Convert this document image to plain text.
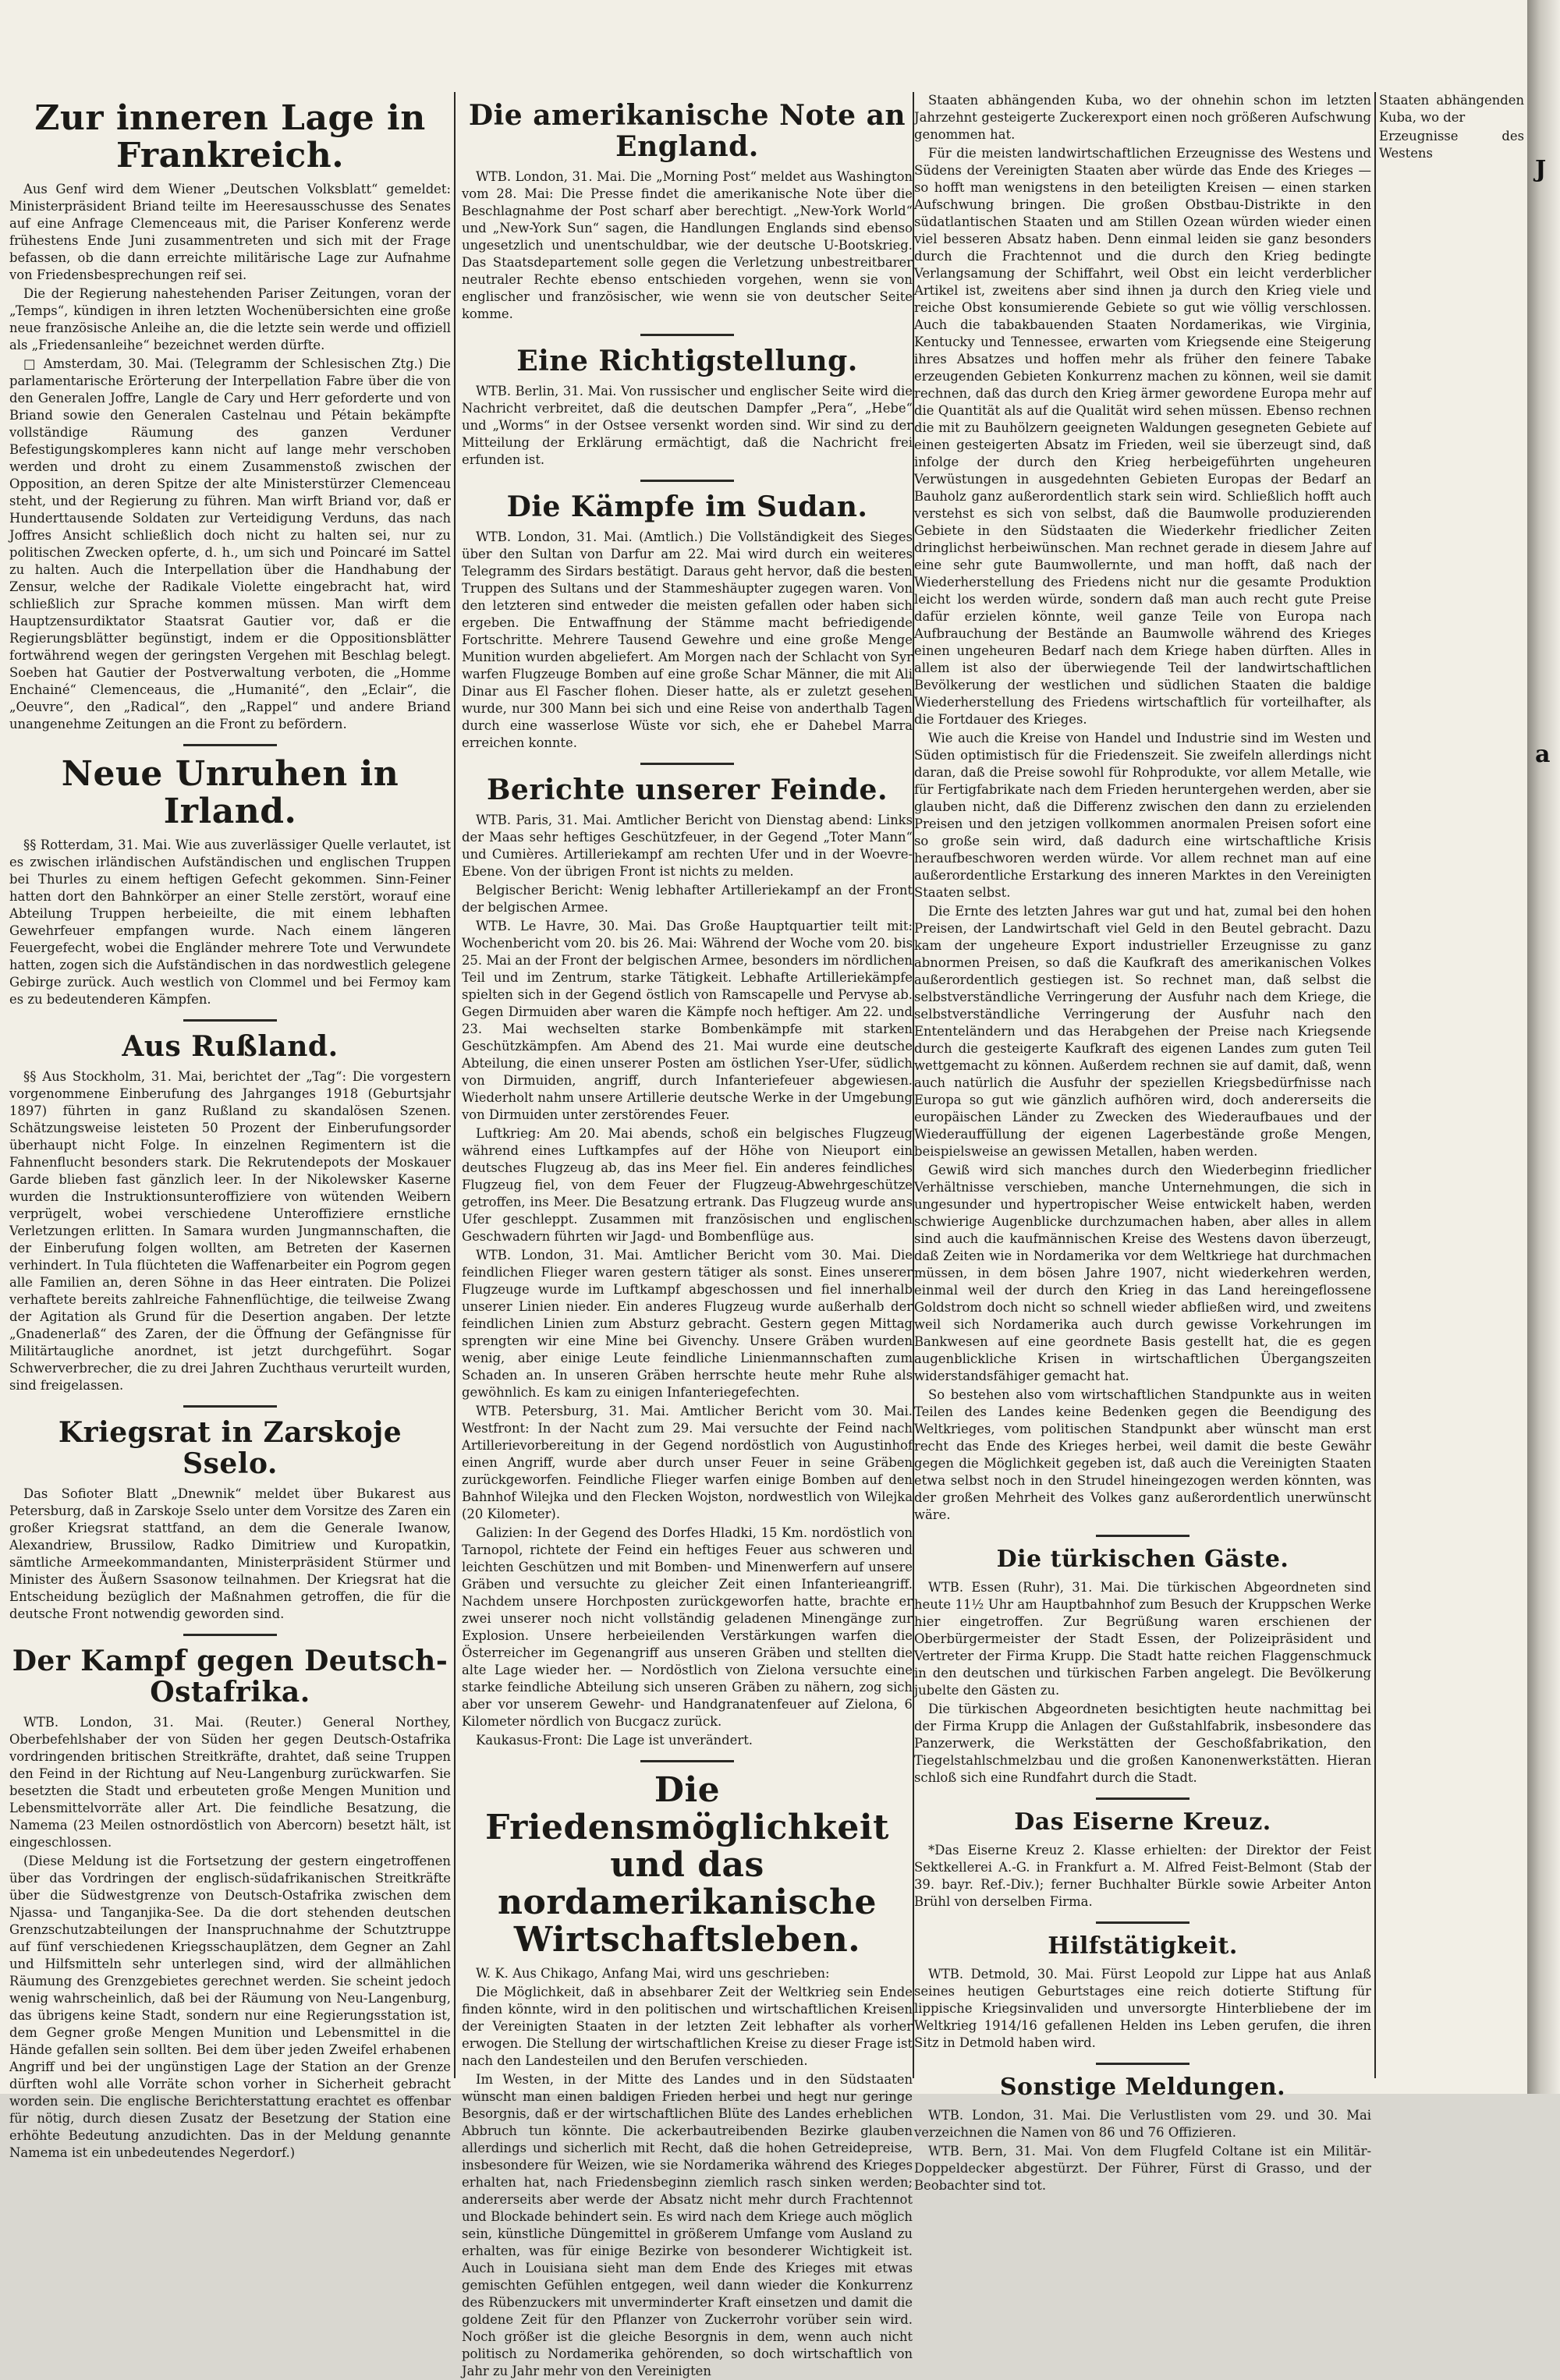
Zur inneren Lage in Frankreich.

Aus Genf wird dem Wiener „Deutschen Volksblatt“ gemeldet: Ministerpräsident Briand teilte im Heeresausschusse des Senates auf eine Anfrage Clemenceaus mit, die Pariser Konferenz werde frühestens Ende Juni zusammentreten und sich mit der Frage befassen, ob die dann erreichte militärische Lage zur Aufnahme von Friedensbesprechungen reif sei.

Die der Regierung nahestehenden Pariser Zeitungen, voran der „Temps“, kündigen in ihren letzten Wochenübersichten eine große neue französische Anleihe an, die die letzte sein werde und offiziell als „Friedensanleihe“ bezeichnet werden dürfte.

□ Amsterdam, 30. Mai. (Telegramm der Schlesischen Ztg.) Die parlamentarische Erörterung der Interpellation Fabre über die von den Generalen Joffre, Langle de Cary und Herr geforderte und von Briand sowie den Generalen Castelnau und Pétain bekämpfte vollständige Räumung des ganzen Verduner Befestigungskompleres kann nicht auf lange mehr verschoben werden und droht zu einem Zusammenstoß zwischen der Opposition, an deren Spitze der alte Ministerstürzer Clemenceau steht, und der Regierung zu führen. Man wirft Briand vor, daß er Hunderttausende Soldaten zur Verteidigung Verduns, das nach Joffres Ansicht schließlich doch nicht zu halten sei, nur zu politischen Zwecken opferte, d. h., um sich und Poincaré im Sattel zu halten. Auch die Interpellation über die Handhabung der Zensur, welche der Radikale Violette eingebracht hat, wird schließlich zur Sprache kommen müssen. Man wirft dem Hauptzensurdiktator Staatsrat Gautier vor, daß er die Regierungsblätter begünstigt, indem er die Oppositionsblätter fortwährend wegen der geringsten Vergehen mit Beschlag belegt. Soeben hat Gautier der Postverwaltung verboten, die „Homme Enchainé“ Clemenceaus, die „Humanité“, den „Eclair“, die „Oeuvre“, den „Radical“, den „Rappel“ und andere Briand unangenehme Zeitungen an die Front zu befördern.

Neue Unruhen in Irland.

§§ Rotterdam, 31. Mai. Wie aus zuverlässiger Quelle verlautet, ist es zwischen irländischen Aufständischen und englischen Truppen bei Thurles zu einem heftigen Gefecht gekommen. Sinn-Feiner hatten dort den Bahnkörper an einer Stelle zerstört, worauf eine Abteilung Truppen herbeieilte, die mit einem lebhaften Gewehrfeuer empfangen wurde. Nach einem längeren Feuergefecht, wobei die Engländer mehrere Tote und Verwundete hatten, zogen sich die Aufständischen in das nordwestlich gelegene Gebirge zurück. Auch westlich von Clommel und bei Fermoy kam es zu bedeutenderen Kämpfen.

Aus Rußland.

§§ Aus Stockholm, 31. Mai, berichtet der „Tag“: Die vorgestern vorgenommene Einberufung des Jahrganges 1918 (Geburtsjahr 1897) führten in ganz Rußland zu skandalösen Szenen. Schätzungsweise leisteten 50 Prozent der Einberufungsorder überhaupt nicht Folge. In einzelnen Regimentern ist die Fahnenflucht besonders stark. Die Rekrutendepots der Moskauer Garde blieben fast gänzlich leer. In der Nikolewsker Kaserne wurden die Instruktionsunteroffiziere von wütenden Weibern verprügelt, wobei verschiedene Unteroffiziere ernstliche Verletzungen erlitten. In Samara wurden Jungmannschaften, die der Einberufung folgen wollten, am Betreten der Kasernen verhindert. In Tula flüchteten die Waffenarbeiter ein Pogrom gegen alle Familien an, deren Söhne in das Heer eintraten. Die Polizei verhaftete bereits zahlreiche Fahnenflüchtige, die teilweise Zwang der Agitation als Grund für die Desertion angaben. Der letzte „Gnadenerlaß“ des Zaren, der die Öffnung der Gefängnisse für Militärtaugliche anordnet, ist jetzt durchgeführt. Sogar Schwerverbrecher, die zu drei Jahren Zuchthaus verurteilt wurden, sind freigelassen.

Kriegsrat in Zarskoje Sselo.

Das Sofioter Blatt „Dnewnik“ meldet über Bukarest aus Petersburg, daß in Zarskoje Sselo unter dem Vorsitze des Zaren ein großer Kriegsrat stattfand, an dem die Generale Iwanow, Alexandriew, Brussilow, Radko Dimitriew und Kuropatkin, sämtliche Armeekommandanten, Ministerpräsident Stürmer und Minister des Äußern Ssasonow teilnahmen. Der Kriegsrat hat die Entscheidung bezüglich der Maßnahmen getroffen, die für die deutsche Front notwendig geworden sind.

Der Kampf gegen Deutsch-Ostafrika.

WTB. London, 31. Mai. (Reuter.) General Northey, Oberbefehlshaber der von Süden her gegen Deutsch-Ostafrika vordringenden britischen Streitkräfte, drahtet, daß seine Truppen den Feind in der Richtung auf Neu-Langenburg zurückwarfen. Sie besetzten die Stadt und erbeuteten große Mengen Munition und Lebensmittelvorräte aller Art. Die feindliche Besatzung, die Namema (23 Meilen ostnordöstlich von Abercorn) besetzt hält, ist eingeschlossen.

(Diese Meldung ist die Fortsetzung der gestern eingetroffenen über das Vordringen der englisch-südafrikanischen Streitkräfte über die Südwestgrenze von Deutsch-Ostafrika zwischen dem Njassa- und Tanganjika-See. Da die dort stehenden deutschen Grenzschutzabteilungen der Inanspruchnahme der Schutztruppe auf fünf verschiedenen Kriegsschauplätzen, dem Gegner an Zahl und Hilfsmitteln sehr unterlegen sind, wird der allmählichen Räumung des Grenzgebietes gerechnet werden. Sie scheint jedoch wenig wahrscheinlich, daß bei der Räumung von Neu-Langenburg, das übrigens keine Stadt, sondern nur eine Regierungsstation ist, dem Gegner große Mengen Munition und Lebensmittel in die Hände gefallen sein sollten. Bei dem über jeden Zweifel erhabenen Angriff und bei der ungünstigen Lage der Station an der Grenze dürften wohl alle Vorräte schon vorher in Sicherheit gebracht worden sein. Die englische Berichterstattung erachtet es offenbar für nötig, durch diesen Zusatz der Besetzung der Station eine erhöhte Bedeutung anzudichten. Das in der Meldung genannte Namema ist ein unbedeutendes Negerdorf.)

Die amerikanische Note an England.

WTB. London, 31. Mai. Die „Morning Post“ meldet aus Washington vom 28. Mai: Die Presse findet die amerikanische Note über die Beschlagnahme der Post scharf aber berechtigt. „New-York World“ und „New-York Sun“ sagen, die Handlungen Englands sind ebenso ungesetzlich und unentschuldbar, wie der deutsche U-Bootskrieg. Das Staatsdepartement solle gegen die Verletzung unbestreitbarer neutraler Rechte ebenso entschieden vorgehen, wenn sie von englischer und französischer, wie wenn sie von deutscher Seite komme.

Eine Richtigstellung.

WTB. Berlin, 31. Mai. Von russischer und englischer Seite wird die Nachricht verbreitet, daß die deutschen Dampfer „Pera“, „Hebe“ und „Worms“ in der Ostsee versenkt worden sind. Wir sind zu der Mitteilung der Erklärung ermächtigt, daß die Nachricht frei erfunden ist.

Die Kämpfe im Sudan.

WTB. London, 31. Mai. (Amtlich.) Die Vollständigkeit des Sieges über den Sultan von Darfur am 22. Mai wird durch ein weiteres Telegramm des Sirdars bestätigt. Daraus geht hervor, daß die besten Truppen des Sultans und der Stammeshäupter zugegen waren. Von den letzteren sind entweder die meisten gefallen oder haben sich ergeben. Die Entwaffnung der Stämme macht befriedigende Fortschritte. Mehrere Tausend Gewehre und eine große Menge Munition wurden abgeliefert. Am Morgen nach der Schlacht von Syr warfen Flugzeuge Bomben auf eine große Schar Männer, die mit Ali Dinar aus El Fascher flohen. Dieser hatte, als er zuletzt gesehen wurde, nur 300 Mann bei sich und eine Reise von anderthalb Tagen durch eine wasserlose Wüste vor sich, ehe er Dahebel Marra erreichen konnte.

Berichte unserer Feinde.

WTB. Paris, 31. Mai. Amtlicher Bericht von Dienstag abend: Links der Maas sehr heftiges Geschützfeuer, in der Gegend „Toter Mann“ und Cumières. Artilleriekampf am rechten Ufer und in der Woevre-Ebene. Von der übrigen Front ist nichts zu melden.

Belgischer Bericht: Wenig lebhafter Artilleriekampf an der Front der belgischen Armee.

WTB. Le Havre, 30. Mai. Das Große Hauptquartier teilt mit: Wochenbericht vom 20. bis 26. Mai: Während der Woche vom 20. bis 25. Mai an der Front der belgischen Armee, besonders im nördlichen Teil und im Zentrum, starke Tätigkeit. Lebhafte Artilleriekämpfe spielten sich in der Gegend östlich von Ramscapelle und Pervyse ab. Gegen Dirmuiden aber waren die Kämpfe noch heftiger. Am 22. und 23. Mai wechselten starke Bombenkämpfe mit starken Geschützkämpfen. Am Abend des 21. Mai wurde eine deutsche Abteilung, die einen unserer Posten am östlichen Yser-Ufer, südlich von Dirmuiden, angriff, durch Infanteriefeuer abgewiesen. Wiederholt nahm unsere Artillerie deutsche Werke in der Umgebung von Dirmuiden unter zerstörendes Feuer.

Luftkrieg: Am 20. Mai abends, schoß ein belgisches Flugzeug während eines Luftkampfes auf der Höhe von Nieuport ein deutsches Flugzeug ab, das ins Meer fiel. Ein anderes feindliches Flugzeug fiel, von dem Feuer der Flugzeug-Abwehrgeschütze getroffen, ins Meer. Die Besatzung ertrank. Das Flugzeug wurde ans Ufer geschleppt. Zusammen mit französischen und englischen Geschwadern führten wir Jagd- und Bombenflüge aus.

WTB. London, 31. Mai. Amtlicher Bericht vom 30. Mai. Die feindlichen Flieger waren gestern tätiger als sonst. Eines unserer Flugzeuge wurde im Luftkampf abgeschossen und fiel innerhalb unserer Linien nieder. Ein anderes Flugzeug wurde außerhalb der feindlichen Linien zum Absturz gebracht. Gestern gegen Mittag sprengten wir eine Mine bei Givenchy. Unsere Gräben wurden wenig, aber einige Leute feindliche Linienmannschaften zum Schaden an. In unseren Gräben herrschte heute mehr Ruhe als gewöhnlich. Es kam zu einigen Infanteriegefechten.

WTB. Petersburg, 31. Mai. Amtlicher Bericht vom 30. Mai. Westfront: In der Nacht zum 29. Mai versuchte der Feind nach Artillerievorbereitung in der Gegend nordöstlich von Augustinhof einen Angriff, wurde aber durch unser Feuer in seine Gräben zurückgeworfen. Feindliche Flieger warfen einige Bomben auf den Bahnhof Wilejka und den Flecken Wojston, nordwestlich von Wilejka (20 Kilometer).

Galizien: In der Gegend des Dorfes Hladki, 15 Km. nordöstlich von Tarnopol, richtete der Feind ein heftiges Feuer aus schweren und leichten Geschützen und mit Bomben- und Minenwerfern auf unsere Gräben und versuchte zu gleicher Zeit einen Infanterieangriff. Nachdem unsere Horchposten zurückgeworfen hatte, brachte er zwei unserer noch nicht vollständig geladenen Minengänge zur Explosion. Unsere herbeieilenden Verstärkungen warfen die Österreicher im Gegenangriff aus unseren Gräben und stellten die alte Lage wieder her. — Nordöstlich von Zielona versuchte eine starke feindliche Abteilung sich unseren Gräben zu nähern, zog sich aber vor unserem Gewehr- und Handgranatenfeuer auf Zielona, 6 Kilometer nördlich von Bucgacz zurück.

Kaukasus-Front: Die Lage ist unverändert.

Die Friedensmöglichkeit und das nordamerikanische Wirtschaftsleben.

W. K. Aus Chikago, Anfang Mai, wird uns geschrieben:

Die Möglichkeit, daß in absehbarer Zeit der Weltkrieg sein Ende finden könnte, wird in den politischen und wirtschaftlichen Kreisen der Vereinigten Staaten in der letzten Zeit lebhafter als vorher erwogen. Die Stellung der wirtschaftlichen Kreise zu dieser Frage ist nach den Landesteilen und den Berufen verschieden.

Im Westen, in der Mitte des Landes und in den Südstaaten wünscht man einen baldigen Frieden herbei und hegt nur geringe Besorgnis, daß er der wirtschaftlichen Blüte des Landes erheblichen Abbruch tun könnte. Die ackerbautreibenden Bezirke glauben allerdings und sicherlich mit Recht, daß die hohen Getreidepreise, insbesondere für Weizen, wie sie Nordamerika während des Krieges erhalten hat, nach Friedensbeginn ziemlich rasch sinken werden; andererseits aber werde der Absatz nicht mehr durch Frachtennot und Blockade behindert sein. Es wird nach dem Kriege auch möglich sein, künstliche Düngemittel in größerem Umfange vom Ausland zu erhalten, was für einige Bezirke von besonderer Wichtigkeit ist. Auch in Louisiana sieht man dem Ende des Krieges mit etwas gemischten Gefühlen entgegen, weil dann wieder die Konkurrenz des Rübenzuckers mit unverminderter Kraft einsetzen und damit die goldene Zeit für den Pflanzer von Zuckerrohr vorüber sein wird. Noch größer ist die gleiche Besorgnis in dem, wenn auch nicht politisch zu Nordamerika gehörenden, so doch wirtschaftlich von Jahr zu Jahr mehr von den Vereinigten

Staaten abhängenden Kuba, wo der ohnehin schon im letzten Jahrzehnt gesteigerte Zuckerexport einen noch größeren Aufschwung genommen hat.

Für die meisten landwirtschaftlichen Erzeugnisse des Westens und Südens der Vereinigten Staaten aber würde das Ende des Krieges — so hofft man wenigstens in den beteiligten Kreisen — einen starken Aufschwung bringen. Die großen Obstbau-Distrikte in den südatlantischen Staaten und am Stillen Ozean würden wieder einen viel besseren Absatz haben. Denn einmal leiden sie ganz besonders durch die Frachtennot und die durch den Krieg bedingte Verlangsamung der Schiffahrt, weil Obst ein leicht verderblicher Artikel ist, zweitens aber sind ihnen ja durch den Krieg viele und reiche Obst konsumierende Gebiete so gut wie völlig verschlossen. Auch die tabakbauenden Staaten Nordamerikas, wie Virginia, Kentucky und Tennessee, erwarten vom Kriegsende eine Steigerung ihres Absatzes und hoffen mehr als früher den feinere Tabake erzeugenden Gebieten Konkurrenz machen zu können, weil sie damit rechnen, daß das durch den Krieg ärmer gewordene Europa mehr auf die Quantität als auf die Qualität wird sehen müssen. Ebenso rechnen die mit zu Bauhölzern geeigneten Waldungen gesegneten Gebiete auf einen gesteigerten Absatz im Frieden, weil sie überzeugt sind, daß infolge der durch den Krieg herbeigeführten ungeheuren Verwüstungen in ausgedehnten Gebieten Europas der Bedarf an Bauholz ganz außerordentlich stark sein wird. Schließlich hofft auch verstehst es sich von selbst, daß die Baumwolle produzierenden Gebiete in den Südstaaten die Wiederkehr friedlicher Zeiten dringlichst herbeiwünschen. Man rechnet gerade in diesem Jahre auf eine sehr gute Baumwollernte, und man hofft, daß nach der Wiederherstellung des Friedens nicht nur die gesamte Produktion leicht los werden würde, sondern daß man auch recht gute Preise dafür erzielen könnte, weil ganze Teile von Europa nach Aufbrauchung der Bestände an Baumwolle während des Krieges einen ungeheuren Bedarf nach dem Kriege haben dürften. Alles in allem ist also der überwiegende Teil der landwirtschaftlichen Bevölkerung der westlichen und südlichen Staaten die baldige Wiederherstellung des Friedens wirtschaftlich für vorteilhafter, als die Fortdauer des Krieges.

Wie auch die Kreise von Handel und Industrie sind im Westen und Süden optimistisch für die Friedenszeit. Sie zweifeln allerdings nicht daran, daß die Preise sowohl für Rohprodukte, vor allem Metalle, wie für Fertigfabrikate nach dem Frieden heruntergehen werden, aber sie glauben nicht, daß die Differenz zwischen den dann zu erzielenden Preisen und den jetzigen vollkommen anormalen Preisen sofort eine so große sein wird, daß dadurch eine wirtschaftliche Krisis heraufbeschworen werden würde. Vor allem rechnet man auf eine außerordentliche Erstarkung des inneren Marktes in den Vereinigten Staaten selbst.

Die Ernte des letzten Jahres war gut und hat, zumal bei den hohen Preisen, der Landwirtschaft viel Geld in den Beutel gebracht. Dazu kam der ungeheure Export industrieller Erzeugnisse zu ganz abnormen Preisen, so daß die Kaufkraft des amerikanischen Volkes außerordentlich gestiegen ist. So rechnet man, daß selbst die selbstverständliche Verringerung der Ausfuhr nach dem Kriege, die selbstverständliche Verringerung der Ausfuhr nach den Ententeländern und das Herabgehen der Preise nach Kriegsende durch die gesteigerte Kaufkraft des eigenen Landes zum guten Teil wettgemacht zu können. Außerdem rechnen sie auf damit, daß, wenn auch natürlich die Ausfuhr der speziellen Kriegsbedürfnisse nach Europa so gut wie gänzlich aufhören wird, doch andererseits die europäischen Länder zu Zwecken des Wiederaufbaues und der Wiederauffüllung der eigenen Lagerbestände große Mengen, beispielsweise an gewissen Metallen, haben werden.

Gewiß wird sich manches durch den Wiederbeginn friedlicher Verhältnisse verschieben, manche Unternehmungen, die sich in ungesunder und hypertropischer Weise entwickelt haben, werden schwierige Augenblicke durchzumachen haben, aber alles in allem sind auch die kaufmännischen Kreise des Westens davon überzeugt, daß Zeiten wie in Nordamerika vor dem Weltkriege hat durchmachen müssen, in dem bösen Jahre 1907, nicht wiederkehren werden, einmal weil der durch den Krieg in das Land hereingeflossene Goldstrom doch nicht so schnell wieder abfließen wird, und zweitens weil sich Nordamerika auch durch gewisse Vorkehrungen im Bankwesen auf eine geordnete Basis gestellt hat, die es gegen augenblickliche Krisen in wirtschaftlichen Übergangszeiten widerstandsfähiger gemacht hat.

So bestehen also vom wirtschaftlichen Standpunkte aus in weiten Teilen des Landes keine Bedenken gegen die Beendigung des Weltkrieges, vom politischen Standpunkt aber wünscht man erst recht das Ende des Krieges herbei, weil damit die beste Gewähr gegen die Möglichkeit gegeben ist, daß auch die Vereinigten Staaten etwa selbst noch in den Strudel hineingezogen werden könnten, was der großen Mehrheit des Volkes ganz außerordentlich unerwünscht wäre.

Die türkischen Gäste.

WTB. Essen (Ruhr), 31. Mai. Die türkischen Abgeordneten sind heute 11½ Uhr am Hauptbahnhof zum Besuch der Kruppschen Werke hier eingetroffen. Zur Begrüßung waren erschienen der Oberbürgermeister der Stadt Essen, der Polizeipräsident und Vertreter der Firma Krupp. Die Stadt hatte reichen Flaggenschmuck in den deutschen und türkischen Farben angelegt. Die Bevölkerung jubelte den Gästen zu.

Die türkischen Abgeordneten besichtigten heute nachmittag bei der Firma Krupp die Anlagen der Gußstahlfabrik, insbesondere das Panzerwerk, die Werkstätten der Geschoßfabrikation, den Tiegelstahlschmelzbau und die großen Kanonenwerkstätten. Hieran schloß sich eine Rundfahrt durch die Stadt.

Das Eiserne Kreuz.

*Das Eiserne Kreuz 2. Klasse erhielten: der Direktor der Feist Sektkellerei A.-G. in Frankfurt a. M. Alfred Feist-Belmont (Stab der 39. bayr. Ref.-Div.); ferner Buchhalter Bürkle sowie Arbeiter Anton Brühl von derselben Firma.

Hilfstätigkeit.

WTB. Detmold, 30. Mai. Fürst Leopold zur Lippe hat aus Anlaß seines heutigen Geburtstages eine reich dotierte Stiftung für lippische Kriegsinvaliden und unversorgte Hinterbliebene der im Weltkrieg 1914/16 gefallenen Helden ins Leben gerufen, die ihren Sitz in Detmold haben wird.

Sonstige Meldungen.

WTB. London, 31. Mai. Die Verlustlisten vom 29. und 30. Mai verzeichnen die Namen von 86 und 76 Offizieren.

WTB. Bern, 31. Mai. Von dem Flugfeld Coltane ist ein Militär-Doppeldecker abgestürzt. Der Führer, Fürst di Grasso, und der Beobachter sind tot.

Staaten abhängenden Kuba, wo der

Erzeugnisse des Westens

J
a
